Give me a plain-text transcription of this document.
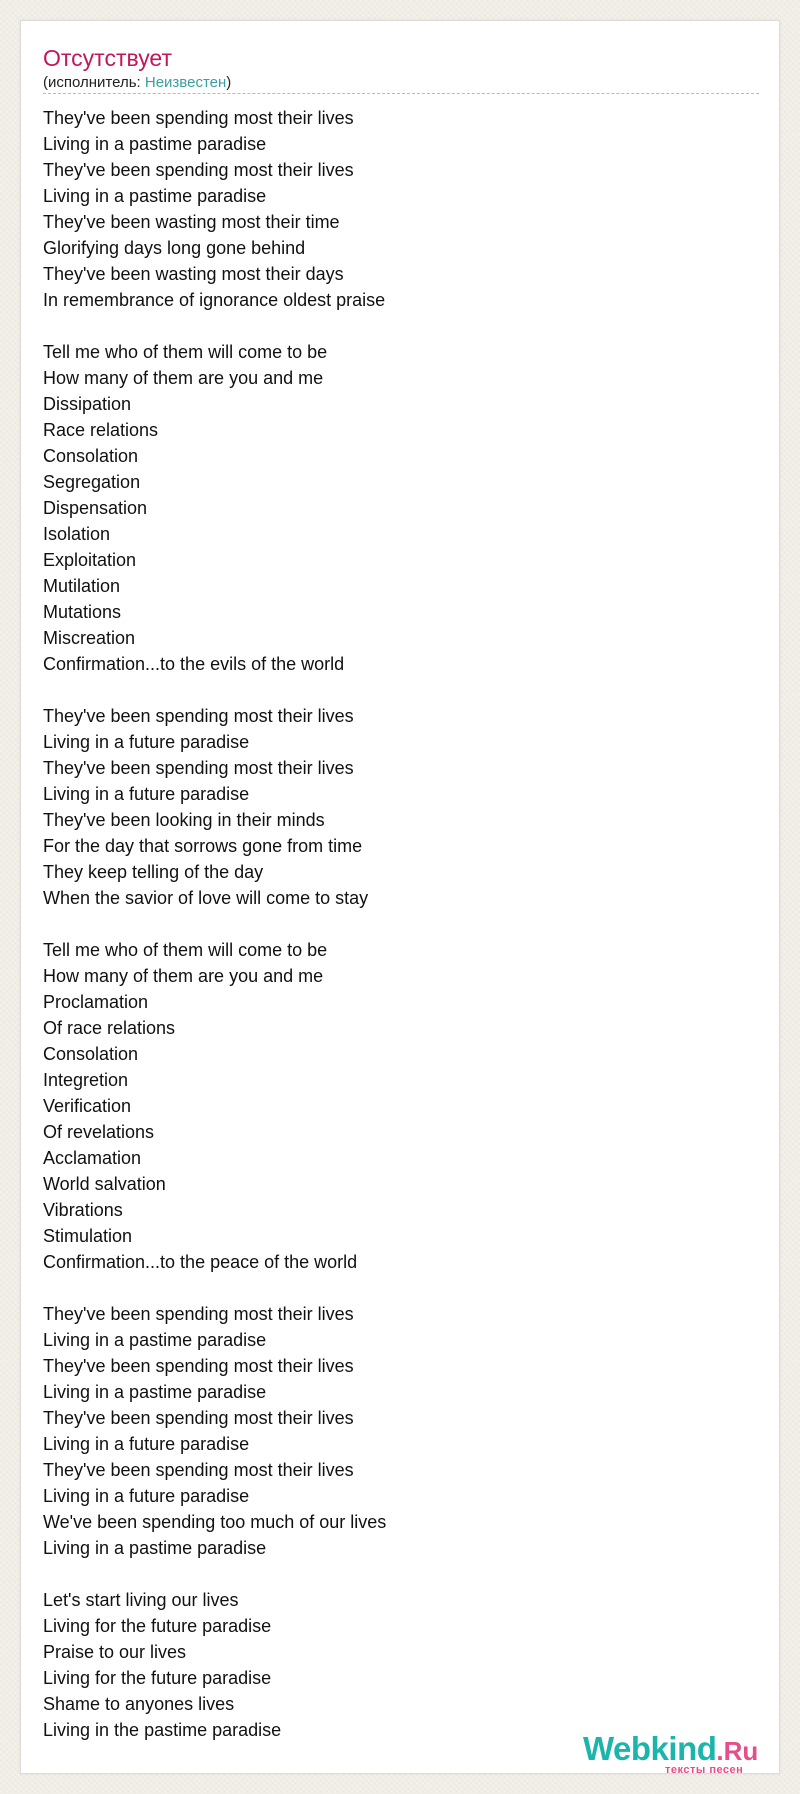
Отсутствует
(исполнитель: Неизвестен)
They've been spending most their lives
Living in a pastime paradise
They've been spending most their lives
Living in a pastime paradise
They've been wasting most their time
Glorifying days long gone behind
They've been wasting most their days
In remembrance of ignorance oldest praise
Tell me who of them will come to be
How many of them are you and me
Dissipation
Race relations
Consolation
Segregation
Dispensation
Isolation
Exploitation
Mutilation
Mutations
Miscreation
Confirmation...to the evils of the world
They've been spending most their lives
Living in a future paradise
They've been spending most their lives
Living in a future paradise
They've been looking in their minds
For the day that sorrows gone from time
They keep telling of the day
When the savior of love will come to stay
Tell me who of them will come to be
How many of them are you and me
Proclamation
Of race relations
Consolation
Integretion
Verification
Of revelations
Acclamation
World salvation
Vibrations
Stimulation
Confirmation...to the peace of the world
They've been spending most their lives
Living in a pastime paradise
They've been spending most their lives
Living in a pastime paradise
They've been spending most their lives
Living in a future paradise
They've been spending most their lives
Living in a future paradise
We've been spending too much of our lives
Living in a pastime paradise
Let's start living our lives
Living for the future paradise
Praise to our lives
Living for the future paradise
Shame to anyones lives
Living in the pastime paradise	Webkind.Ru
тексты песен
